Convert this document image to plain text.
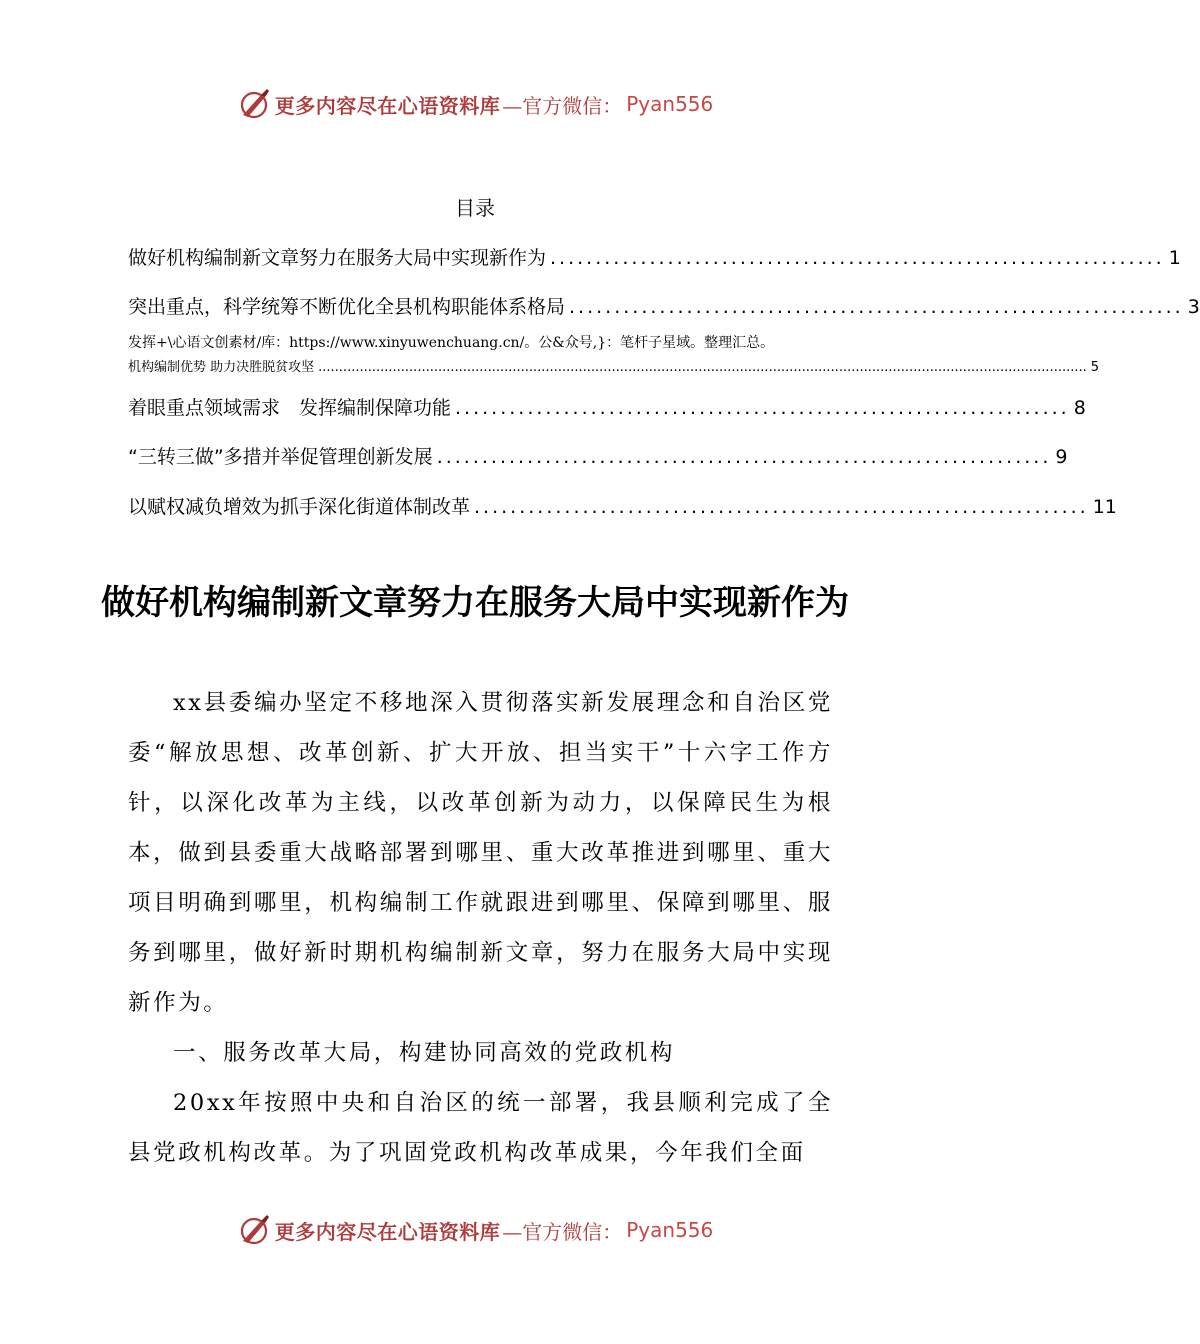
更多内容尽在心语资料库 —官方微信： Pyan556
目录
做好机构编制新文章努力在服务大局中实现新作为 .................................................................... 1
突出重点，科学统筹不断优化全县机构职能体系格局 .................................................................... 3
发挥+\心语文创素材/库：https://www.xinyuwenchuang.cn/。公&众号,}：笔杆子星域。整理汇总。
机构编制优势 助力决胜脱贫攻坚 .......................................................................................................................................................................................... 5
着眼重点领域需求　发挥编制保障功能 .................................................................... 8
“三转三做”多措并举促管理创新发展 .................................................................... 9
以赋权减负增效为抓手深化街道体制改革 .................................................................... 11
做好机构编制新文章努力在服务大局中实现新作为
xx县委编办坚定不移地深入贯彻落实新发展理念和自治区党委“解放思想、改革创新、扩大开放、担当实干”十六字工作方针，以深化改革为主线，以改革创新为动力，以保障民生为根本，做到县委重大战略部署到哪里、重大改革推进到哪里、重大项目明确到哪里，机构编制工作就跟进到哪里、保障到哪里、服务到哪里，做好新时期机构编制新文章，努力在服务大局中实现新作为。
一、服务改革大局，构建协同高效的党政机构
20xx年按照中央和自治区的统一部署，我县顺利完成了全县党政机构改革。为了巩固党政机构改革成果，今年我们全面
更多内容尽在心语资料库 —官方微信： Pyan556
